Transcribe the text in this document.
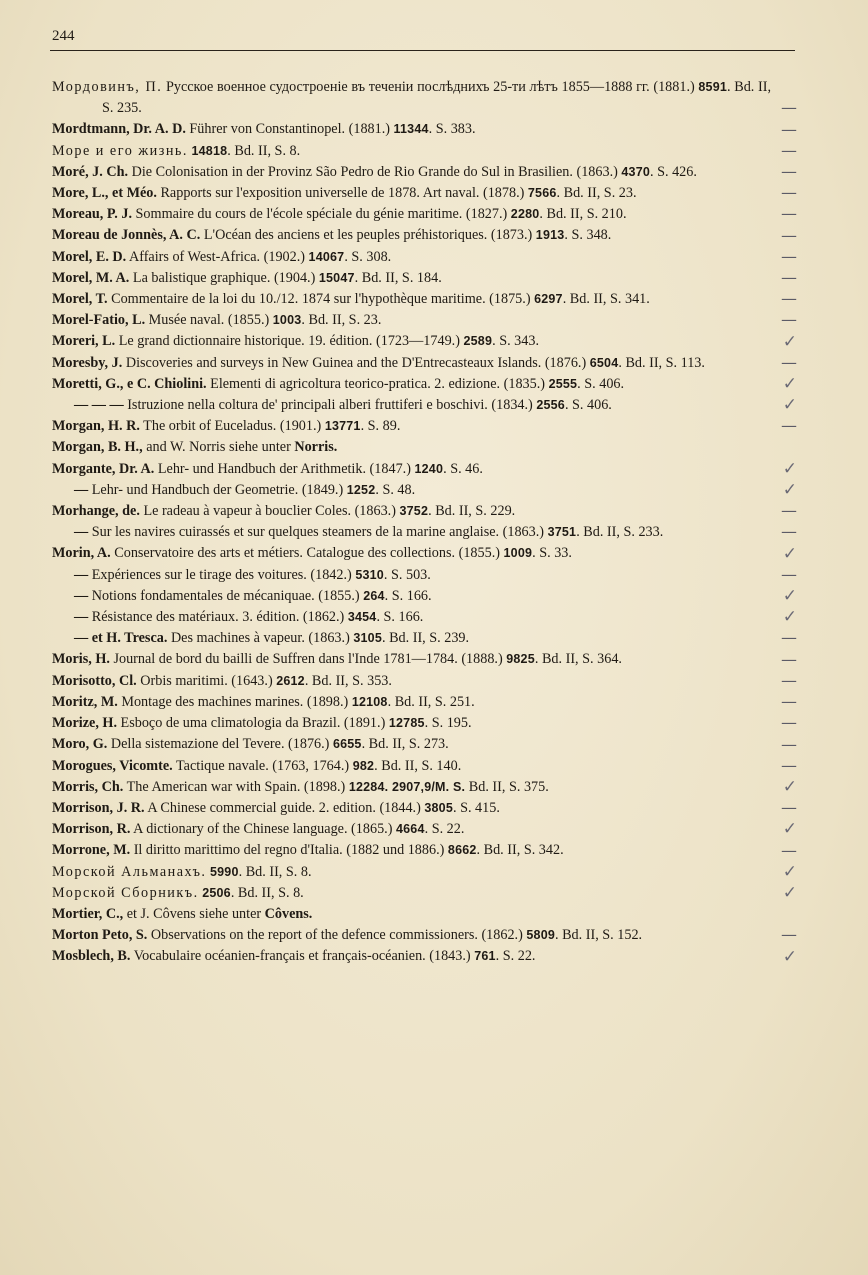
244
Мордовинъ, П. Русское военное судостроеніе въ теченіи послѣднихъ 25-ти лѣтъ 1855—1888 гг. (1881.) 8591. Bd. II, S. 235.	—
Mordtmann, Dr. A. D. Führer von Constantinopel. (1881.) 11344. S. 383.	—
Море и его жизнь. 14818. Bd. II, S. 8.	—
Moré, J. Ch. Die Colonisation in der Provinz São Pedro de Rio Grande do Sul in Brasilien. (1863.) 4370. S. 426.	—
More, L., et Méo. Rapports sur l'exposition universelle de 1878. Art naval. (1878.) 7566. Bd. II, S. 23.	—
Moreau, P. J. Sommaire du cours de l'école spéciale du génie maritime. (1827.) 2280. Bd. II, S. 210.	—
Moreau de Jonnès, A. C. L'Océan des anciens et les peuples préhistoriques. (1873.) 1913. S. 348.	—
Morel, E. D. Affairs of West-Africa. (1902.) 14067. S. 308.	—
Morel, M. A. La balistique graphique. (1904.) 15047. Bd. II, S. 184.	—
Morel, T. Commentaire de la loi du 10./12. 1874 sur l'hypothèque maritime. (1875.) 6297. Bd. II, S. 341.	—
Morel-Fatio, L. Musée naval. (1855.) 1003. Bd. II, S. 23.	—
Moreri, L. Le grand dictionnaire historique. 19. édition. (1723—1749.) 2589. S. 343.	✓
Moresby, J. Discoveries and surveys in New Guinea and the D'Entrecasteaux Islands. (1876.) 6504. Bd. II, S. 113.	—
Moretti, G., e C. Chiolini. Elementi di agricoltura teorico-pratica. 2. edizione. (1835.) 2555. S. 406.	✓
— — — Istruzione nella coltura de' principali alberi fruttiferi e boschivi. (1834.) 2556. S. 406.	✓
Morgan, H. R. The orbit of Euceladus. (1901.) 13771. S. 89.	—
Morgan, B. H., and W. Norris siehe unter Norris.
Morgante, Dr. A. Lehr- und Handbuch der Arithmetik. (1847.) 1240. S. 46.	✓
— Lehr- und Handbuch der Geometrie. (1849.) 1252. S. 48.	✓
Morhange, de. Le radeau à vapeur à bouclier Coles. (1863.) 3752. Bd. II, S. 229.	—
— Sur les navires cuirassés et sur quelques steamers de la marine anglaise. (1863.) 3751. Bd. II, S. 233.	—
Morin, A. Conservatoire des arts et métiers. Catalogue des collections. (1855.) 1009. S. 33.	✓
— Expériences sur le tirage des voitures. (1842.) 5310. S. 503.	—
— Notions fondamentales de mécaniquae. (1855.) 264. S. 166.	✓
— Résistance des matériaux. 3. édition. (1862.) 3454. S. 166.	✓
— et H. Tresca. Des machines à vapeur. (1863.) 3105. Bd. II, S. 239.	—
Moris, H. Journal de bord du bailli de Suffren dans l'Inde 1781—1784. (1888.) 9825. Bd. II, S. 364.	—
Morisotto, Cl. Orbis maritimi. (1643.) 2612. Bd. II, S. 353.	—
Moritz, M. Montage des machines marines. (1898.) 12108. Bd. II, S. 251.	—
Morize, H. Esboço de uma climatologia da Brazil. (1891.) 12785. S. 195.	—
Moro, G. Della sistemazione del Tevere. (1876.) 6655. Bd. II, S. 273.	—
Morogues, Vicomte. Tactique navale. (1763, 1764.) 982. Bd. II, S. 140.	—
Morris, Ch. The American war with Spain. (1898.) 12284. 2907,9/M. S. Bd. II, S. 375.	✓
Morrison, J. R. A Chinese commercial guide. 2. edition. (1844.) 3805. S. 415.	—
Morrison, R. A dictionary of the Chinese language. (1865.) 4664. S. 22.	✓
Morrone, M. Il diritto marittimo del regno d'Italia. (1882 und 1886.) 8662. Bd. II, S. 342.	—
Морской Альманахъ. 5990. Bd. II, S. 8.	✓
Морской Сборникъ. 2506. Bd. II, S. 8.	✓
Mortier, C., et J. Côvens siehe unter Côvens.
Morton Peto, S. Observations on the report of the defence commissioners. (1862.) 5809. Bd. II, S. 152.	—
Mosblech, B. Vocabulaire océanien-français et français-océanien. (1843.) 761. S. 22.	✓
